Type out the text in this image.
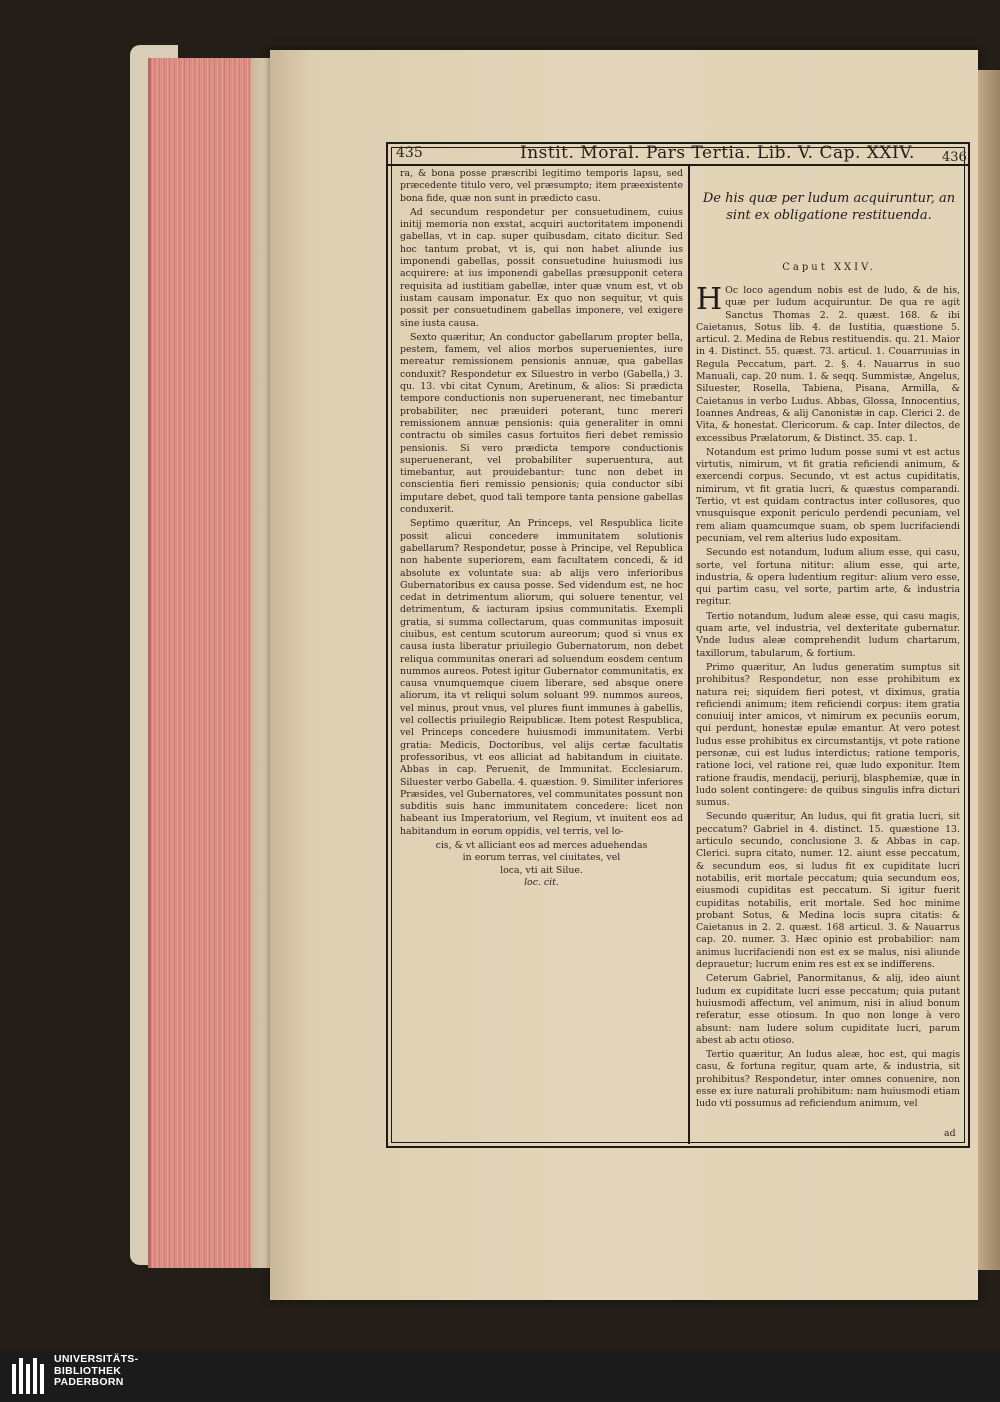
435	Instit. Moral. Pars Tertia. Lib. V. Cap. XXIV. 436

ra, & bona posse præscribi legitimo temporis lapsu, sed præcedente titulo vero, vel præsumpto; item præexistente bona fide, quæ non sunt in prædicto casu.

Ad secundum respondetur per consuetudinem, cuius initij memoria non exstat, acquiri auctoritatem imponendi gabellas, vt in cap. super quibusdam, citato dicitur. Sed hoc tantum probat, vt is, qui non habet aliunde ius imponendi gabellas, possit consuetudine huiusmodi ius acquirere: at ius imponendi gabellas præsupponit cetera requisita ad iustitiam gabellæ, inter quæ vnum est, vt ob iustam causam imponatur. Ex quo non sequitur, vt quis possit per consuetudinem gabellas imponere, vel exigere sine iusta causa.

Sexto quæritur, An conductor gabellarum propter bella, pestem, famem, vel alios morbos superuenientes, iure mereatur remissionem pensionis annuæ, qua gabellas conduxit? Respondetur ex Siluestro in verbo (Gabella,) 3. qu. 13. vbi citat Cynum, Aretinum, & alios: Si prædicta tempore conductionis non superuenerant, nec timebantur probabiliter, nec præuideri poterant, tunc mereri remissionem annuæ pensionis: quia generaliter in omni contractu ob similes casus fortuitos fieri debet remissio pensionis. Si vero prædicta tempore conductionis superuenerant, vel probabiliter superuentura, aut timebantur, aut prouidebantur: tunc non debet in conscientia fieri remissio pensionis; quia conductor sibi imputare debet, quod tali tempore tanta pensione gabellas conduxerit.

Septimo quæritur, An Princeps, vel Respublica licite possit alicui concedere immunitatem solutionis gabellarum? Respondetur, posse à Principe, vel Republica non habente superiorem, eam facultatem concedi, & id absolute ex voluntate sua: ab alijs vero inferioribus Gubernatoribus ex causa posse. Sed videndum est, ne hoc cedat in detrimentum aliorum, qui soluere tenentur, vel detrimentum, & iacturam ipsius communitatis. Exempli gratia, si summa collectarum, quas communitas imposuit ciuibus, est centum scutorum aureorum; quod si vnus ex causa iusta liberatur priuilegio Gubernatorum, non debet reliqua communitas onerari ad soluendum eosdem centum nummos aureos. Potest igitur Gubernator communitatis, ex causa vnumquemque ciuem liberare, sed absque onere aliorum, ita vt reliqui solum soluant 99. nummos aureos, vel minus, prout vnus, vel plures fiunt immunes à gabellis, vel collectis priuilegio Reipublicæ. Item potest Respublica, vel Princeps concedere huiusmodi immunitatem. Verbi gratia: Medicis, Doctoribus, vel alijs certæ facultatis professoribus, vt eos alliciat ad habitandum in ciuitate. Abbas in cap. Peruenit, de Immunitat. Ecclesiarum. Siluester verbo Gabella. 4. quæstion. 9. Similiter inferiores Præsides, vel Gubernatores, vel communitates possunt non subditis suis hanc immunitatem concedere: licet non habeant ius Imperatorium, vel Regium, vt inuitent eos ad habitandum in eorum oppidis, vel terris, vel lo-

cis, & vt alliciant eos ad merces aduehendas
in eorum terras, vel ciuitates, vel
loca, vti ait Silue.
loc. cit.
De his quæ per ludum acquiruntur, an sint ex obligatione restituenda.
Caput XXIV.

H Oc loco agendum nobis est de ludo, & de his, quæ per ludum acquiruntur. De qua re agit Sanctus Thomas 2. 2. quæst. 168. & ibi Caietanus, Sotus lib. 4. de Iustitia, quæstione 5. articul. 2. Medina de Rebus restituendis. qu. 21. Maior in 4. Distinct. 55. quæst. 73. articul. 1. Couarruuias in Regula Peccatum, part. 2. §. 4. Nauarrus in suo Manuali, cap. 20 num. 1. & seqq. Summistæ, Angelus, Siluester, Rosella, Tabiena, Pisana, Armilla, & Caietanus in verbo Ludus. Abbas, Glossa, Innocentius, Ioannes Andreas, & alij Canonistæ in cap. Clerici 2. de Vita, & honestat. Clericorum. & cap. Inter dilectos, de excessibus Prælatorum, & Distinct. 35. cap. 1.

Notandum est primo ludum posse sumi vt est actus virtutis, nimirum, vt fit gratia reficiendi animum, & exercendi corpus. Secundo, vt est actus cupiditatis, nimirum, vt fit gratia lucri, & quæstus comparandi. Tertio, vt est quidam contractus inter collusores, quo vnusquisque exponit periculo perdendi pecuniam, vel rem aliam quamcumque suam, ob spem lucrifaciendi pecuniam, vel rem alterius ludo expositam.

Secundo est notandum, ludum alium esse, qui casu, sorte, vel fortuna nititur: alium esse, qui arte, industria, & opera ludentium regitur: alium vero esse, qui partim casu, vel sorte, partim arte, & industria regitur.

Tertio notandum, ludum aleæ esse, qui casu magis, quam arte, vel industria, vel dexteritate gubernatur. Vnde ludus aleæ comprehendit ludum chartarum, taxillorum, tabularum, & fortium.

Primo quæritur, An ludus generatim sumptus sit prohibitus? Respondetur, non esse prohibitum ex natura rei; siquidem fieri potest, vt diximus, gratia reficiendi animum; item reficiendi corpus: item gratia conuiuij inter amicos, vt nimirum ex pecuniis eorum, qui perdunt, honestæ epulæ emantur. At vero potest ludus esse prohibitus ex circumstantijs, vt pote ratione personæ, cui est ludus interdictus; ratione temporis, ratione loci, vel ratione rei, quæ ludo exponitur. Item ratione fraudis, mendacij, periurij, blasphemiæ, quæ in ludo solent contingere: de quibus singulis infra dicturi sumus.

Secundo quæritur, An ludus, qui fit gratia lucri, sit peccatum? Gabriel in 4. distinct. 15. quæstione 13. articulo secundo, conclusione 3. & Abbas in cap. Clerici. supra citato, numer. 12. aiunt esse peccatum, & secundum eos, si ludus fit ex cupiditate lucri notabilis, erit mortale peccatum; quia secundum eos, eiusmodi cupiditas est peccatum. Si igitur fuerit cupiditas notabilis, erit mortale. Sed hoc minime probant Sotus, & Medina locis supra citatis: & Caietanus in 2. 2. quæst. 168 articul. 3. & Nauarrus cap. 20. numer. 3. Hæc opinio est probabilior: nam animus lucrifaciendi non est ex se malus, nisi aliunde deprauetur; lucrum enim res est ex se indifferens.

Ceterum Gabriel, Panormitanus, & alij, ideo aiunt ludum ex cupiditate lucri esse peccatum; quia putant huiusmodi affectum, vel animum, nisi in aliud bonum referatur, esse otiosum. In quo non longe à vero absunt: nam ludere solum cupiditate lucri, parum abest ab actu otioso.

Tertio quæritur, An ludus aleæ, hoc est, qui magis casu, & fortuna regitur, quam arte, & industria, sit prohibitus? Respondetur, inter omnes conuenire, non esse ex iure naturali prohibitum: nam huiusmodi etiam ludo vti possumus ad reficiendum animum, vel

ad
UNIVERSITÄTS-
BIBLIOTHEK
PADERBORN
